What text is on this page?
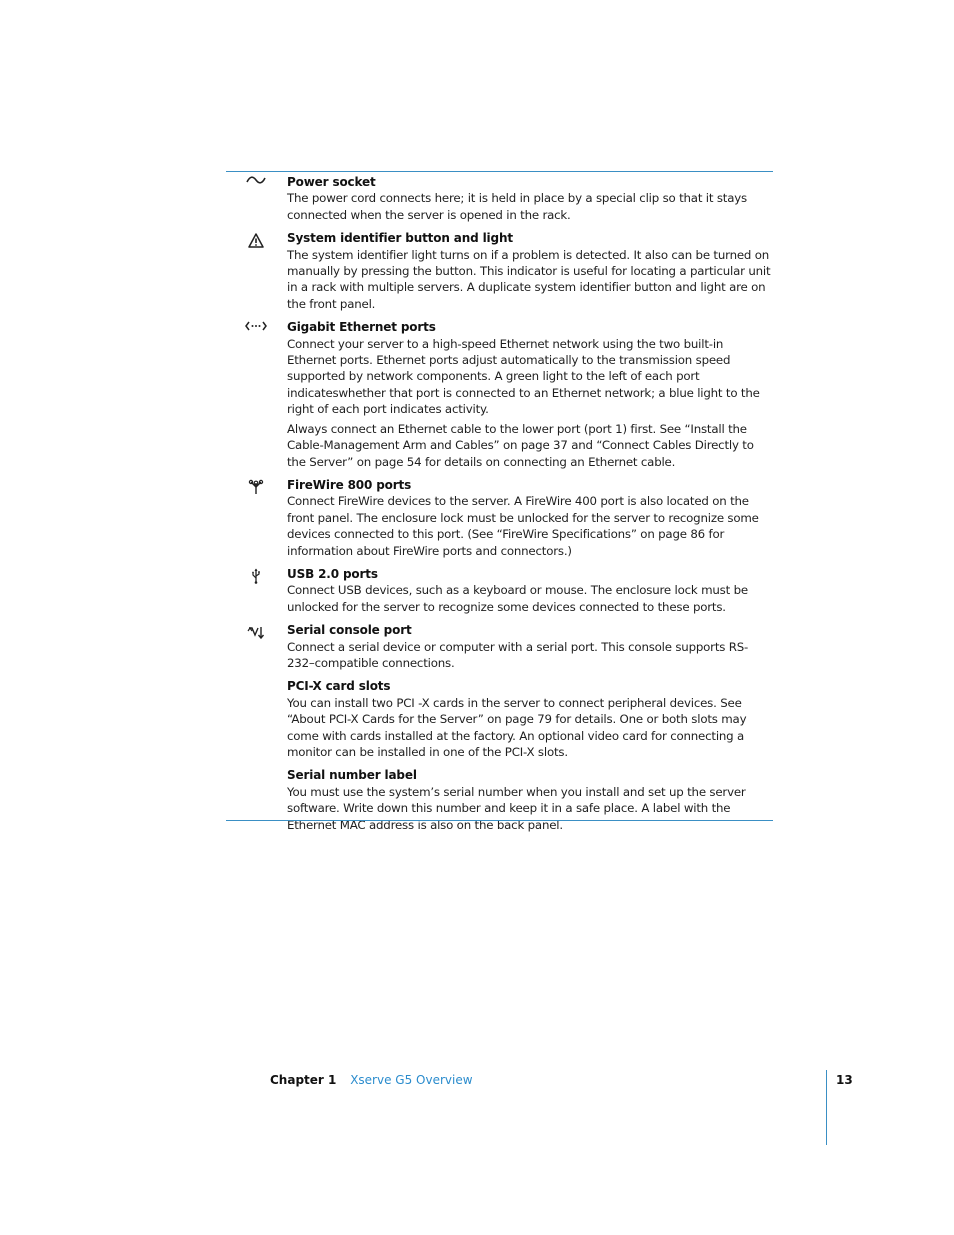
Power socket

The power cord connects here; it is held in place by a special clip so that it stays connected when the server is opened in the rack.

System identifier button and light

The system identifier light turns on if a problem is detected. It also can be turned on manually by pressing the button. This indicator is useful for locating a particular unit in a rack with multiple servers. A duplicate system identifier button and light are on the front panel.

Gigabit Ethernet ports

Connect your server to a high-speed Ethernet network using the two built-in Ethernet ports. Ethernet ports adjust automatically to the transmission speed supported by network components. A green light to the left of each port indicateswhether that port is connected to an Ethernet network; a blue light to the right of each port indicates activity.

Always connect an Ethernet cable to the lower port (port 1) first. See “Install the Cable-Management Arm and Cables” on page 37 and “Connect Cables Directly to the Server” on page 54 for details on connecting an Ethernet cable.

FireWire 800 ports

Connect FireWire devices to the server. A FireWire 400 port is also located on the front panel. The enclosure lock must be unlocked for the server to recognize some devices connected to this port. (See “FireWire Specifications” on page 86 for information about FireWire ports and connectors.)

USB 2.0 ports

Connect USB devices, such as a keyboard or mouse. The enclosure lock must be unlocked for the server to recognize some devices connected to these ports.

Serial console port

Connect a serial device or computer with a serial port. This console supports RS-232–compatible connections.

PCI-X card slots

You can install two PCI -X cards in the server to connect peripheral devices. See “About PCI-X Cards for the Server” on page 79 for details. One or both slots may come with cards installed at the factory. An optional video card for connecting a monitor can be installed in one of the PCI-X slots.

Serial number label

You must use the system’s serial number when you install and set up the server software. Write down this number and keep it in a safe place. A label with the Ethernet MAC address is also on the back panel.

Chapter 1 Xserve G5 Overview	13
